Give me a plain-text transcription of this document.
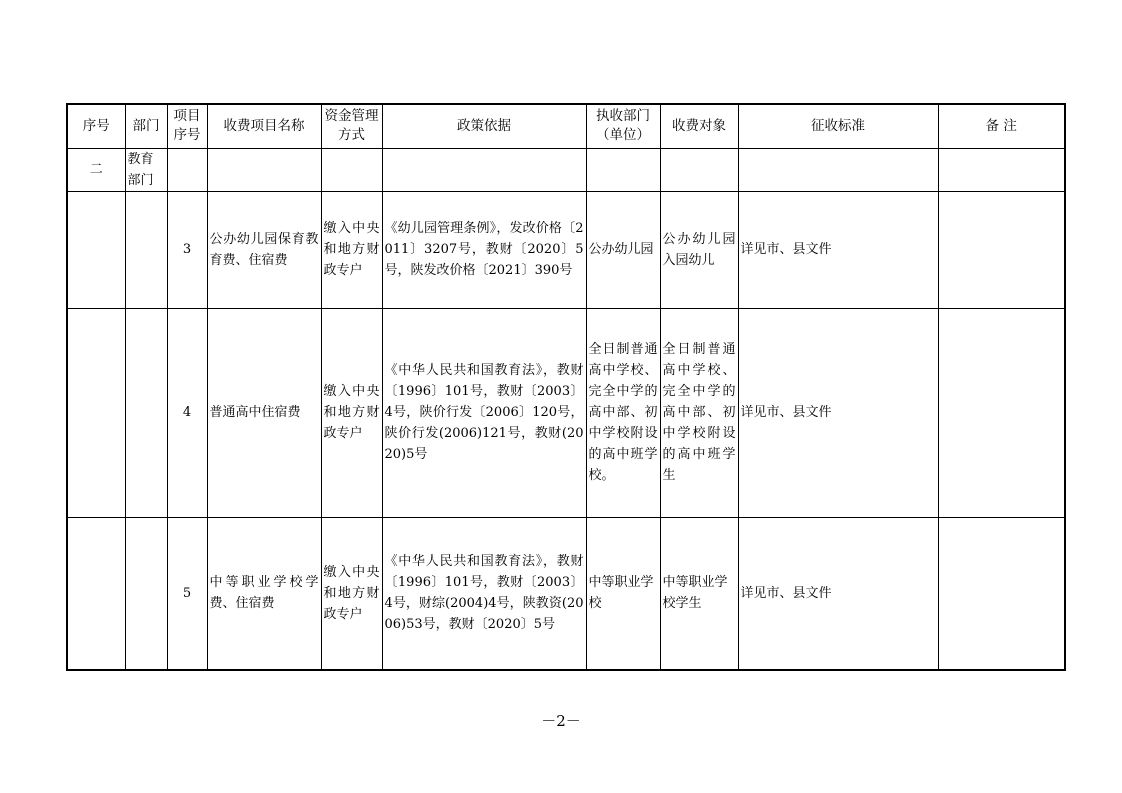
序号	部门	项目序号	收费项目名称	资金管理方式	政策依据	执收部门（单位）	收费对象	征收标准	备 注
二	教育部门								
		3	公办幼儿园保育教育费、住宿费	缴入中央和地方财政专户	《幼儿园管理条例》，发改价格〔2011〕3207号，教财〔2020〕5号，陕发改价格〔2021〕390号	公办幼儿园	公办幼儿园入园幼儿	详见市、县文件	
		4	普通高中住宿费	缴入中央和地方财政专户	《中华人民共和国教育法》，教财〔1996〕101号，教财〔2003〕4号，陕价行发〔2006〕120号，陕价行发(2006)121号，教财(2020)5号	全日制普通高中学校、完全中学的高中部、初中学校附设的高中班学校。	全日制普通高中学校、完全中学的高中部、初中学校附设的高中班学生	详见市、县文件	
		5	中等职业学校学费、住宿费	缴入中央和地方财政专户	《中华人民共和国教育法》，教财〔1996〕101号，教财〔2003〕4号，财综(2004)4号，陕教资(2006)53号，教财〔2020〕5号	中等职业学校	中等职业学校学生	详见市、县文件	
－2－
